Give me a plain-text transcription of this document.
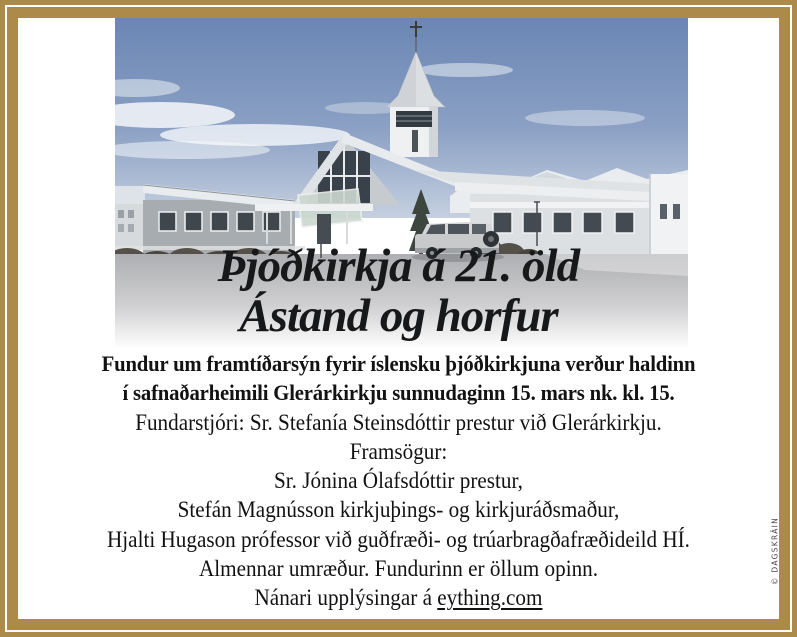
Þjóðkirkja á 21. öld
Ástand og horfur
Fundur um framtíðarsýn fyrir íslensku þjóðkirkjuna verður haldinn
í safnaðarheimili Glerárkirkju sunnudaginn 15. mars nk. kl. 15.
Fundarstjóri: Sr. Stefanía Steinsdóttir prestur við Glerárkirkju.
Framsögur:
Sr. Jónina Ólafsdóttir prestur,
Stefán Magnússon kirkjuþings- og kirkjuráðsmaður,
Hjalti Hugason prófessor við guðfræði- og trúarbragðafræðideild HÍ.
Almennar umræður. Fundurinn er öllum opinn.
Nánari upplýsingar á eything.com
© DAGSKRÁIN
